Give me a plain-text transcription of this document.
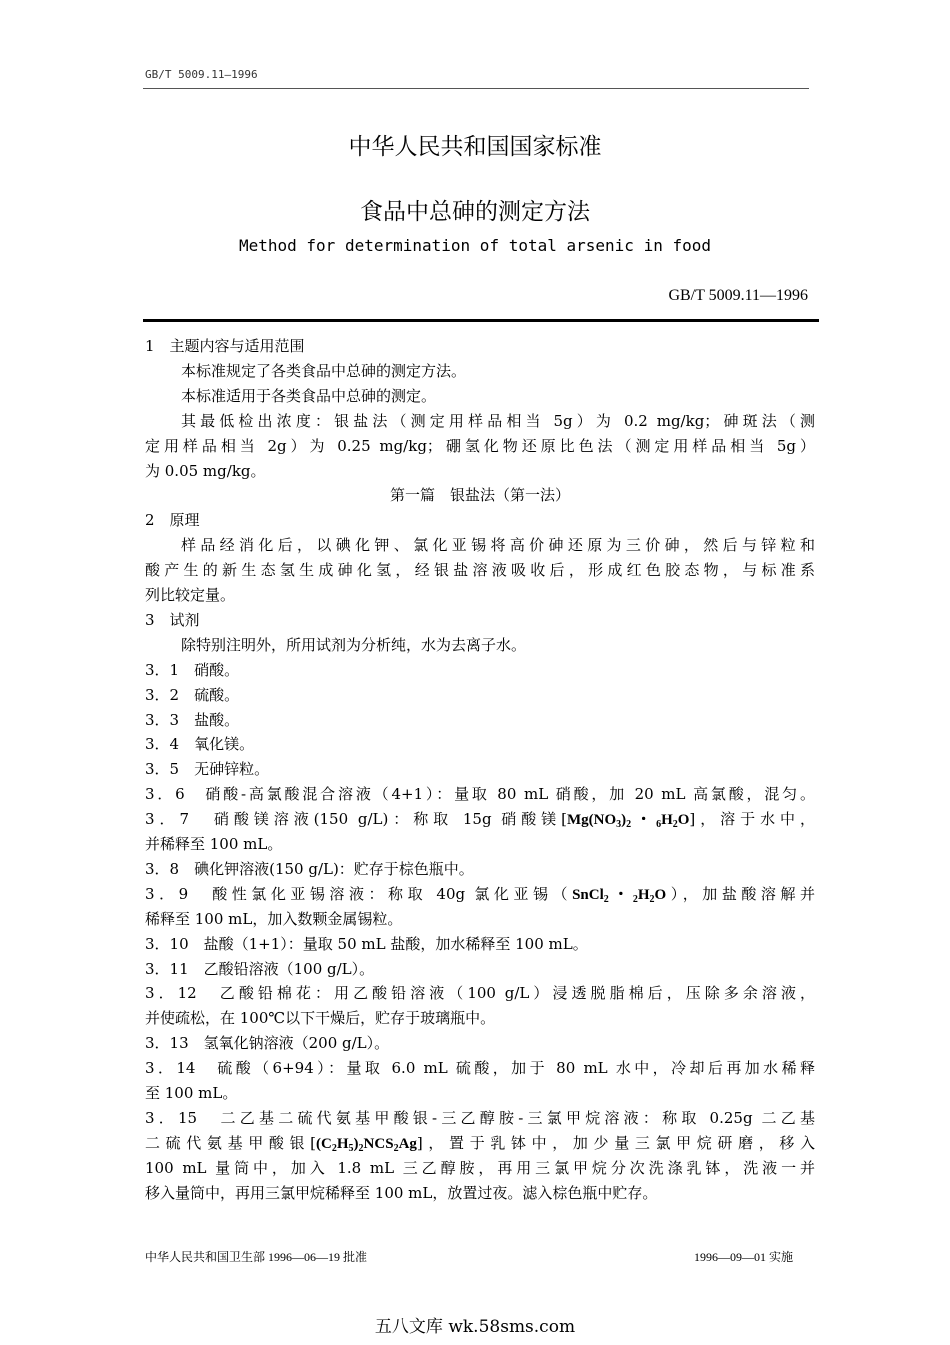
GB/T 5009.11—1996
中华人民共和国国家标准
食品中总砷的测定方法
Method for determination of total arsenic in food
GB/T 5009.11—1996
1　主题内容与适用范围
本标准规定了各类食品中总砷的测定方法。
本标准适用于各类食品中总砷的测定。
其最低检出浓度：银盐法（测定用样品相当 5g）为 0.2 mg/kg；砷斑法（测
定用样品相当 2g）为 0.25 mg/kg；硼氢化物还原比色法（测定用样品相当 5g）
为 0.05 mg/kg。
第一篇　银盐法（第一法）
2　原理
样品经消化后，以碘化钾、氯化亚锡将高价砷还原为三价砷，然后与锌粒和
酸产生的新生态氢生成砷化氢，经银盐溶液吸收后，形成红色胶态物，与标准系
列比较定量。
3　试剂
除特别注明外，所用试剂为分析纯，水为去离子水。
3．1　硝酸。
3．2　硫酸。
3．3　盐酸。
3．4　氧化镁。
3．5　无砷锌粒。
3．6　硝酸-高氯酸混合溶液（4+1）：量取 80 mL 硝酸，加 20 mL 高氯酸，混匀。
3．7　硝酸镁溶液(150 g/L)：称取 15g 硝酸镁[$Mg(NO_3)_2$・$_6H_2O$]，溶于水中，
并稀释至 100 mL。
3．8　碘化钾溶液(150 g/L)：贮存于棕色瓶中。
3．9　酸性氯化亚锡溶液：称取 40g 氯化亚锡（SnCl$_2$・$_2H_2O$），加盐酸溶解并
稀释至 100 mL，加入数颗金属锡粒。
3．10　盐酸（1+1）：量取 50 mL 盐酸，加水稀释至 100 mL。
3．11　乙酸铅溶液（100 g/L）。
3．12　乙酸铅棉花：用乙酸铅溶液（100 g/L）浸透脱脂棉后，压除多余溶液，
并使疏松，在 100℃以下干燥后，贮存于玻璃瓶中。
3．13　氢氧化钠溶液（200 g/L）。
3．14　硫酸（6+94）：量取 6.0 mL 硫酸，加于 80 mL 水中，冷却后再加水稀释
至 100 mL。
3．15　二乙基二硫代氨基甲酸银-三乙醇胺-三氯甲烷溶液：称取 0.25g 二乙基
二硫代氨基甲酸银$[(C_2H_5)_2NCS_2Ag]$，置于乳钵中，加少量三氯甲烷研磨，移入
100 mL 量筒中，加入 1.8 mL 三乙醇胺，再用三氯甲烷分次洗涤乳钵，洗液一并
移入量筒中，再用三氯甲烷稀释至 100 mL，放置过夜。滤入棕色瓶中贮存。
中华人民共和国卫生部 1996—06—19 批准	1996—09—01 实施
五八文库 wk.58sms.com
